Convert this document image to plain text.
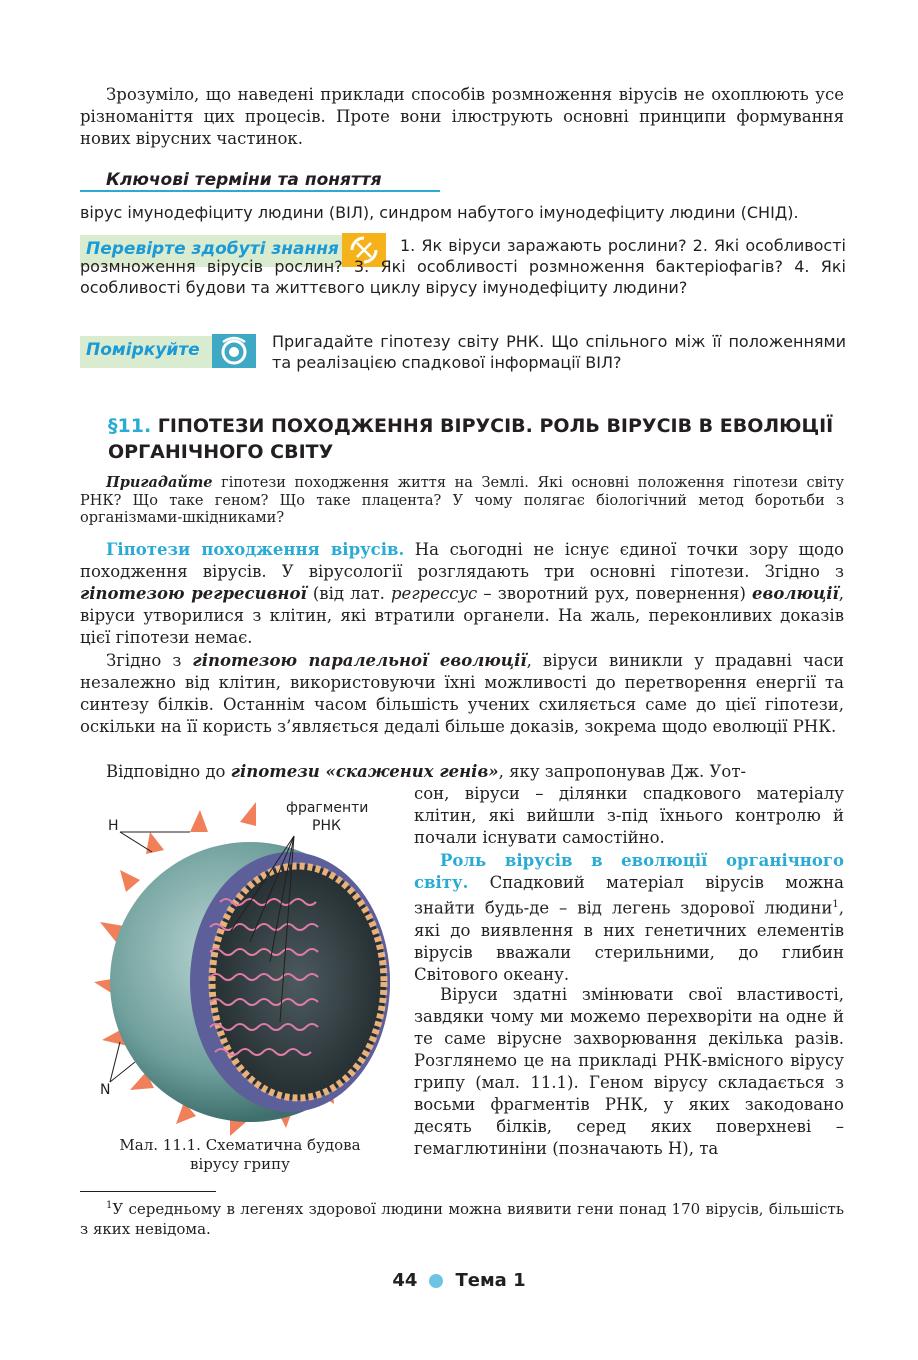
Зрозуміло, що наведені приклади способів розмноження вірусів не охоплюють усе різноманіття цих процесів. Проте вони ілюструють основні принципи формування нових вірусних частинок.

Ключові терміни та поняття

вірус імунодефіциту людини (ВІЛ), синдром набутого імунодефіциту людини (СНІД).

Перевірте здобуті знання	1. Як віруси заражають рослини? 2. Які особливості розмноження вірусів рослин? 3. Які особливості розмноження бактеріофагів? 4. Які особливості будови та життєвого циклу вірусу імунодефіциту людини?

Поміркуйте	Пригадайте гіпотезу світу РНК. Що спільного між її положеннями та реалізацією спадкової інформації ВІЛ?

§11. ГІПОТЕЗИ ПОХОДЖЕННЯ ВІРУСІВ. РОЛЬ ВІРУСІВ В ЕВОЛЮЦІЇ
ОРГАНІЧНОГО СВІТУ

Пригадайте гіпотези походження життя на Землі. Які основні положення гіпотези світу РНК? Що таке геном? Що таке плацента? У чому полягає біологічний метод боротьби з організмами-шкідниками?

Гіпотези походження вірусів. На сьогодні не існує єдиної точки зору щодо походження вірусів. У вірусології розглядають три основні гіпотези. Згідно з гіпотезою регресивної (від лат. регрессус – зворотний рух, повернення) еволюції, віруси утворилися з клітин, які втратили органели. На жаль, переконливих доказів цієї гіпотези немає.

Згідно з гіпотезою паралельної еволюції, віруси виникли у прадавні часи незалежно від клітин, використовуючи їхні можливості до перетворення енергії та синтезу білків. Останнім часом більшість учених схиляється саме до цієї гіпотези, оскільки на її користь з’являється дедалі більше доказів, зокрема щодо еволюції РНК.

Відповідно до гіпотези «скажених генів», яку запропонував Дж. Уот-

сон, віруси – ділянки спадкового матеріалу клітин, які вийшли з-під їхнього контролю й почали існувати самостійно.

Роль вірусів в еволюції органічного світу. Спадковий матеріал вірусів можна знайти будь-де – від легень здорової людини$^1$, які до виявлення в них генетичних елементів вірусів вважали стерильними, до глибин Світового океану.

Віруси здатні змінювати свої властивості, завдяки чому ми можемо перехворіти на одне й те саме вірусне захворювання декілька разів. Розглянемо це на прикладі РНК-вмісного вірусу грипу (мал. 11.1). Геном вірусу складається з восьми фрагментів РНК, у яких закодовано десять білків, серед яких поверхневі – гемаглютиніни (позначають Н), та

H
N
фрагменти
РНК
Мал. 11.1. Схематична будова
вірусу грипу

$^1$У середньому в легенях здорової людини можна виявити гени понад 170 вірусів, більшість з яких невідома.

44 Тема 1
